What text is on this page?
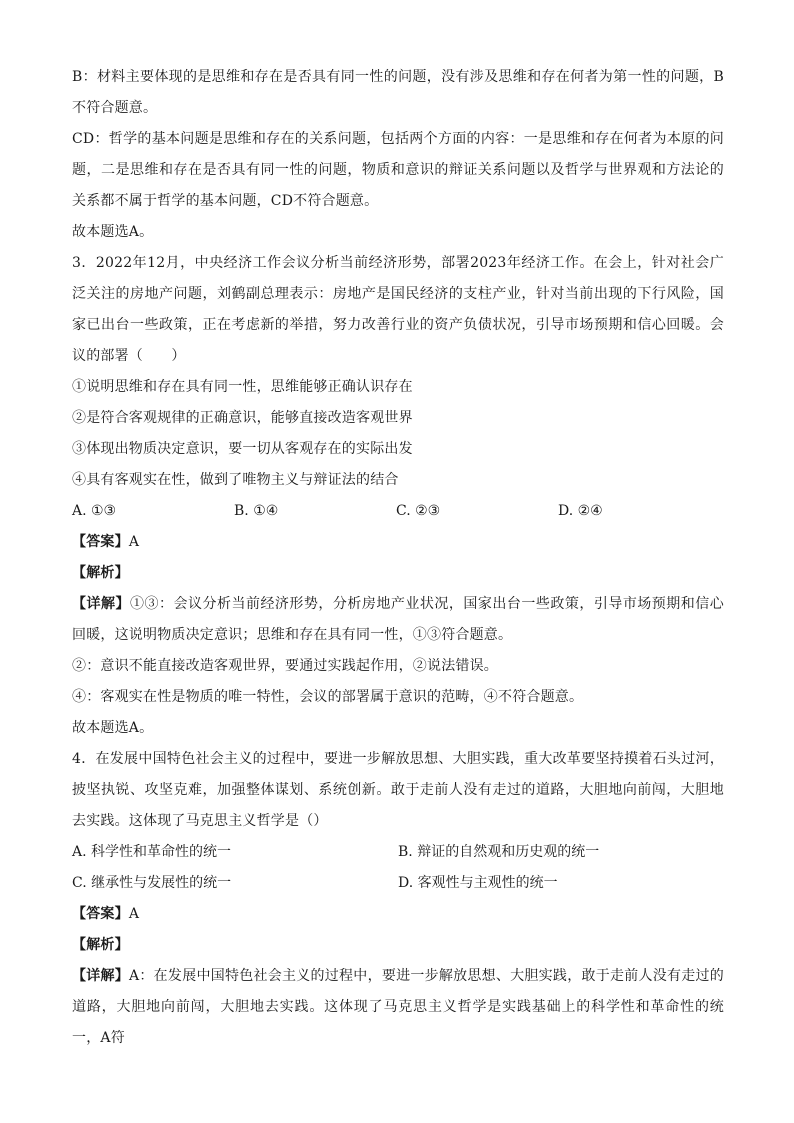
B：材料主要体现的是思维和存在是否具有同一性的问题，没有涉及思维和存在何者为第一性的问题，B不符合题意。

CD：哲学的基本问题是思维和存在的关系问题，包括两个方面的内容：一是思维和存在何者为本原的问题，二是思维和存在是否具有同一性的问题，物质和意识的辩证关系问题以及哲学与世界观和方法论的关系都不属于哲学的基本问题，CD不符合题意。

故本题选A。

3．2022年12月，中央经济工作会议分析当前经济形势，部署2023年经济工作。在会上，针对社会广泛关注的房地产问题，刘鹤副总理表示：房地产是国民经济的支柱产业，针对当前出现的下行风险，国家已出台一些政策，正在考虑新的举措，努力改善行业的资产负债状况，引导市场预期和信心回暖。会议的部署（　　）

①说明思维和存在具有同一性，思维能够正确认识存在

②是符合客观规律的正确意识，能够直接改造客观世界

③体现出物质决定意识，要一切从客观存在的实际出发

④具有客观实在性，做到了唯物主义与辩证法的结合

A. ①③	B. ①④	C. ②③	D. ②④

【答案】A

【解析】

【详解】①③：会议分析当前经济形势，分析房地产业状况，国家出台一些政策，引导市场预期和信心回暖，这说明物质决定意识；思维和存在具有同一性，①③符合题意。

②：意识不能直接改造客观世界，要通过实践起作用，②说法错误。

④：客观实在性是物质的唯一特性，会议的部署属于意识的范畴，④不符合题意。

故本题选A。

4．在发展中国特色社会主义的过程中，要进一步解放思想、大胆实践，重大改革要坚持摸着石头过河，披坚执锐、攻坚克难，加强整体谋划、系统创新。敢于走前人没有走过的道路，大胆地向前闯，大胆地去实践。这体现了马克思主义哲学是（）

A. 科学性和革命性的统一	B. 辩证的自然观和历史观的统一
C. 继承性与发展性的统一	D. 客观性与主观性的统一

【答案】A

【解析】

【详解】A：在发展中国特色社会主义的过程中，要进一步解放思想、大胆实践，敢于走前人没有走过的道路，大胆地向前闯，大胆地去实践。这体现了马克思主义哲学是实践基础上的科学性和革命性的统一，A符
